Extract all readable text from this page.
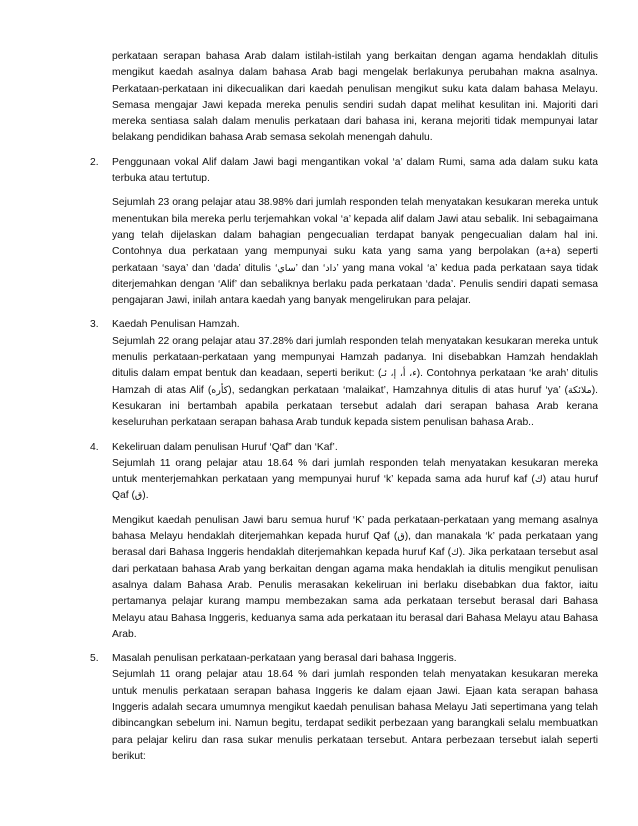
perkataan serapan bahasa Arab dalam istilah-istilah yang berkaitan dengan agama hendaklah ditulis mengikut kaedah asalnya dalam bahasa Arab bagi mengelak berlakunya perubahan makna asalnya. Perkataan-perkataan ini dikecualikan dari kaedah penulisan mengikut suku kata dalam bahasa Melayu. Semasa mengajar Jawi kepada mereka penulis sendiri sudah dapat melihat kesulitan ini. Majoriti dari mereka sentiasa salah dalam menulis perkataan dari bahasa ini, kerana mejoriti tidak mempunyai latar belakang pendidikan bahasa Arab semasa sekolah menengah dahulu.

2. Penggunaan vokal Alif dalam Jawi bagi mengantikan vokal ‘a’ dalam Rumi, sama ada dalam suku kata terbuka atau tertutup.

Sejumlah 23 orang pelajar atau 38.98% dari jumlah responden telah menyatakan kesukaran mereka untuk menentukan bila mereka perlu terjemahkan vokal ‘a’ kepada alif dalam Jawi atau sebalik. Ini sebagaimana yang telah dijelaskan dalam bahagian pengecualian terdapat banyak pengecualian dalam hal ini. Contohnya dua perkataan yang mempunyai suku kata yang sama yang berpolakan (a+a) seperti perkataan ‘saya’ dan ‘dada’ ditulis ‘ساي’ dan ‘داد’ yang mana vokal ‘a’ kedua pada perkataan saya tidak diterjemahkan dengan ‘Alif’ dan sebaliknya berlaku pada perkataan ‘dada’. Penulis sendiri dapati semasa pengajaran Jawi, inilah antara kaedah yang banyak mengelirukan para pelajar.

3. Kaedah Penulisan Hamzah.

Sejumlah 22 orang pelajar atau 37.28% dari jumlah responden telah menyatakan kesukaran mereka untuk menulis perkataan-perkataan yang mempunyai Hamzah padanya. Ini disebabkan Hamzah hendaklah ditulis dalam empat bentuk dan keadaan, seperti berikut: (ء، أ، إ، ئـ). Contohnya perkataan ‘ke arah’ ditulis Hamzah di atas Alif (كأره), sedangkan perkataan ‘malaikat’, Hamzahnya ditulis di atas huruf ‘ya’ (ملائكة). Kesukaran ini bertambah apabila perkataan tersebut adalah dari serapan bahasa Arab kerana keseluruhan perkataan serapan bahasa Arab tunduk kepada sistem penulisan bahasa Arab..

4. Kekeliruan dalam penulisan Huruf ‘Qaf” dan ‘Kaf’.

Sejumlah 11 orang pelajar atau 18.64 % dari jumlah responden telah menyatakan kesukaran mereka untuk menterjemahkan perkataan yang mempunyai huruf ‘k’ kepada sama ada huruf kaf (ك) atau huruf Qaf (ق).

Mengikut kaedah penulisan Jawi baru semua huruf ‘K’ pada perkataan-perkataan yang memang asalnya bahasa Melayu hendaklah diterjemahkan kepada huruf Qaf (ق), dan manakala ‘k’ pada perkataan yang berasal dari Bahasa Inggeris hendaklah diterjemahkan kepada huruf Kaf (ك). Jika perkataan tersebut asal dari perkataan bahasa Arab yang berkaitan dengan agama maka hendaklah ia ditulis mengikut penulisan asalnya dalam Bahasa Arab. Penulis merasakan kekeliruan ini berlaku disebabkan dua faktor, iaitu pertamanya pelajar kurang mampu membezakan sama ada perkataan tersebut berasal dari Bahasa Melayu atau Bahasa Inggeris, keduanya sama ada perkataan itu berasal dari Bahasa Melayu atau Bahasa Arab.

5. Masalah penulisan perkataan-perkataan yang berasal dari bahasa Inggeris.

Sejumlah 11 orang pelajar atau 18.64 % dari jumlah responden telah menyatakan kesukaran mereka untuk menulis perkataan serapan bahasa Inggeris ke dalam ejaan Jawi. Ejaan kata serapan bahasa Inggeris adalah secara umumnya mengikut kaedah penulisan bahasa Melayu Jati sepertimana yang telah dibincangkan sebelum ini. Namun begitu, terdapat sedikit perbezaan yang barangkali selalu membuatkan para pelajar keliru dan rasa sukar menulis perkataan tersebut. Antara perbezaan tersebut ialah seperti berikut:
